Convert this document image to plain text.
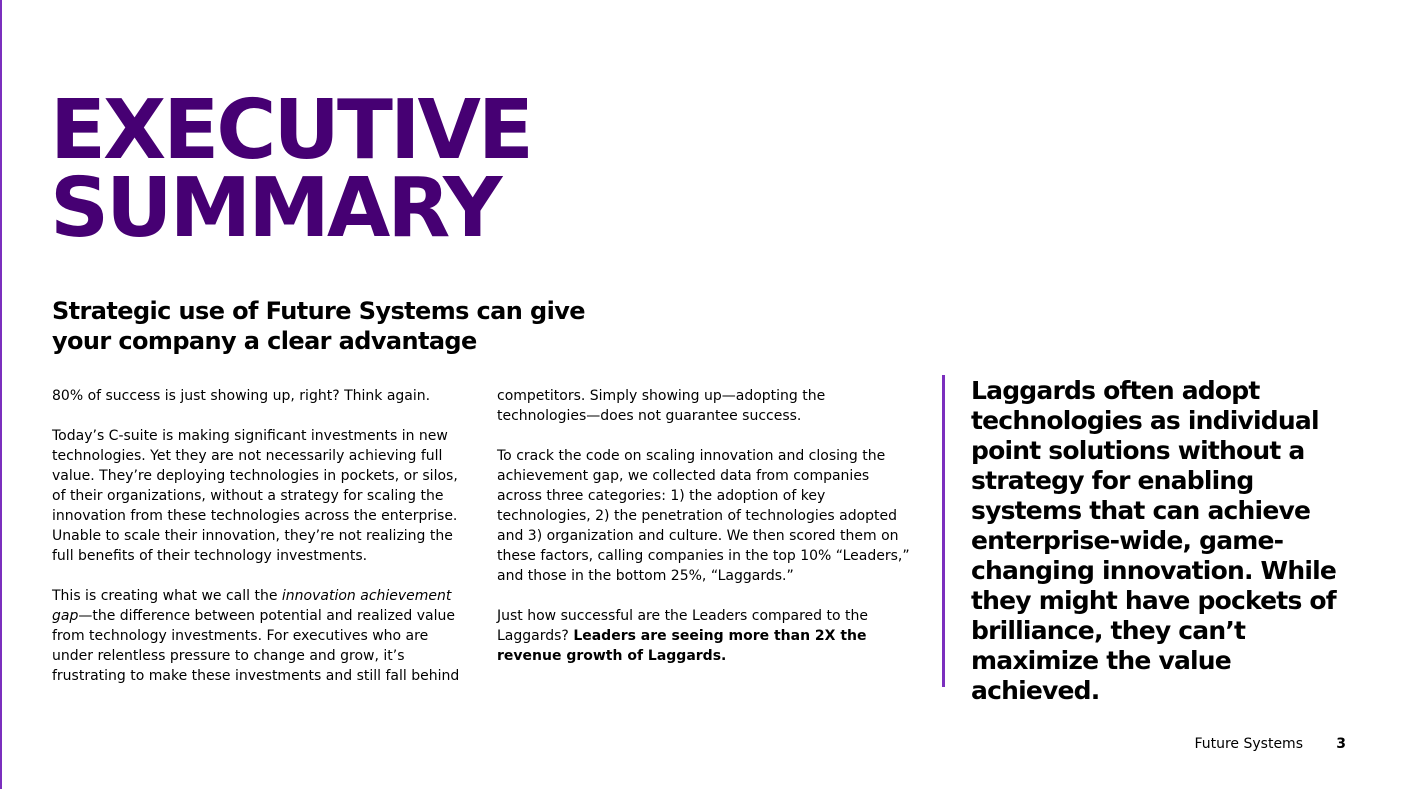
EXECUTIVE
SUMMARY
Strategic use of Future Systems can give
your company a clear advantage

80% of success is just showing up, right? Think again.

Today’s C-suite is making significant investments in new technologies. Yet they are not necessarily achieving full value. They’re deploying technologies in pockets, or silos, of their organizations, without a strategy for scaling the innovation from these technologies across the enterprise. Unable to scale their innovation, they’re not realizing the full benefits of their technology investments.

This is creating what we call the innovation achievement gap—the difference between potential and realized value from technology investments. For executives who are under relentless pressure to change and grow, it’s frustrating to make these investments and still fall behind

competitors. Simply showing up—adopting the technologies—does not guarantee success.

To crack the code on scaling innovation and closing the achievement gap, we collected data from companies across three categories: 1) the adoption of key technologies, 2) the penetration of technologies adopted and 3) organization and culture. We then scored them on these factors, calling companies in the top 10% “Leaders,” and those in the bottom 25%, “Laggards.”

Just how successful are the Leaders compared to the Laggards? Leaders are seeing more than 2X the revenue growth of Laggards.

Laggards often adopt technologies as individual point solutions without a strategy for enabling systems that can achieve enterprise-wide, game-changing innovation. While they might have pockets of brilliance, they can’t maximize the value achieved.

Future Systems 3
